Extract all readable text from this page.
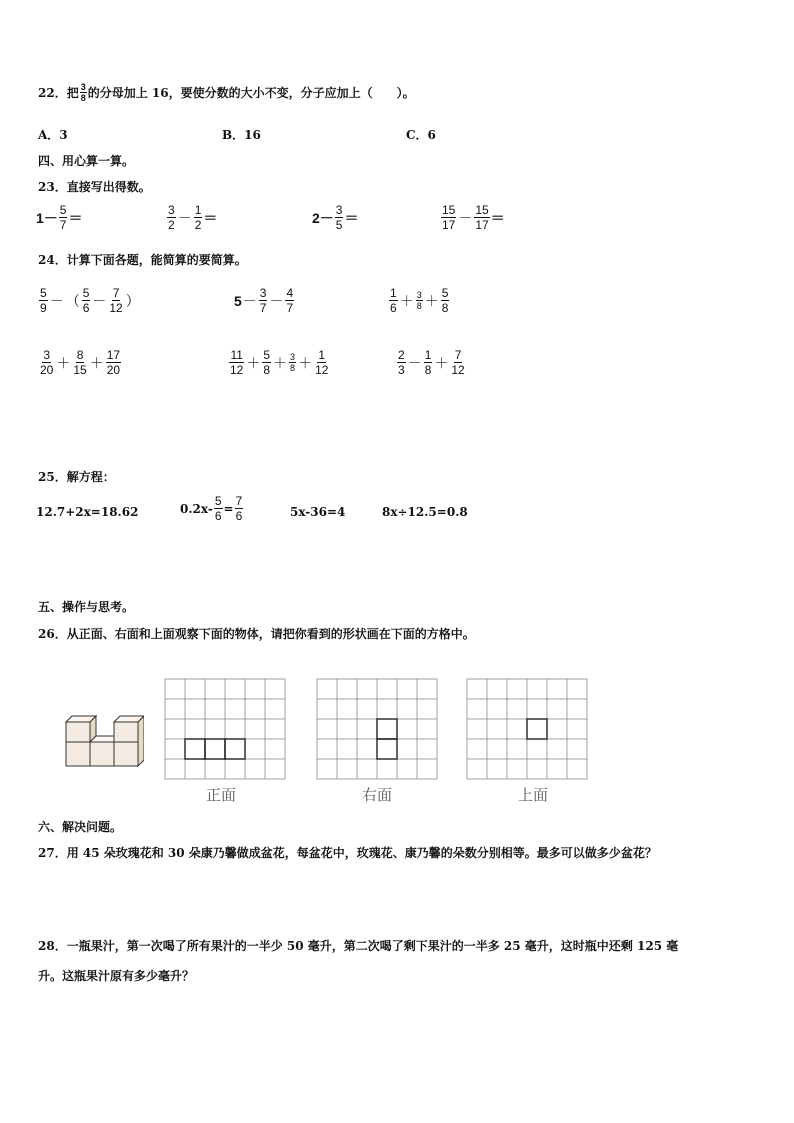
22． 把 $\frac{3}{8}$ 的分母加上 16，要使分数的大小不变，分子应加上（　　）。
A．3	B．16	C．6
四、用心算一算。
23．直接写出得数。
$1 - \frac{5}{7}$ ＝	$\frac{3}{2} - \frac{1}{2}$ ＝	$2 - \frac{3}{5}$ ＝	$\frac{15}{17} - \frac{15}{17}$ ＝
24．计算下面各题，能简算的要简算。
$\frac{5}{9}$ － （ $\frac{5}{6} - \frac{7}{12}$ ）	$5 - \frac{3}{7} - \frac{4}{7}$	$\frac{1}{6} + \frac{3}{8} + \frac{5}{8}$
$\frac{3}{20} + \frac{8}{15} + \frac{17}{20}$	$\frac{11}{12} + \frac{5}{8} + \frac{3}{8} + \frac{1}{12}$	$\frac{2}{3} - \frac{1}{8} + \frac{7}{12}$
25．解方程：
12.7+2x=18.62	$0.2x- \frac{5}{6} = \frac{7}{6}$	5x-36=4	8x÷12.5=0.8
五、操作与思考。
26．从正面、右面和上面观察下面的物体，请把你看到的形状画在下面的方格中。
正面	右面	上面
六、解决问题。
27．用 45 朵玫瑰花和 30 朵康乃馨做成盆花，每盆花中，玫瑰花、康乃馨的朵数分别相等。最多可以做多少盆花？
28．一瓶果汁，第一次喝了所有果汁的一半少 50 毫升，第二次喝了剩下果汁的一半多 25 毫升，这时瓶中还剩 125 毫
升。这瓶果汁原有多少毫升？
